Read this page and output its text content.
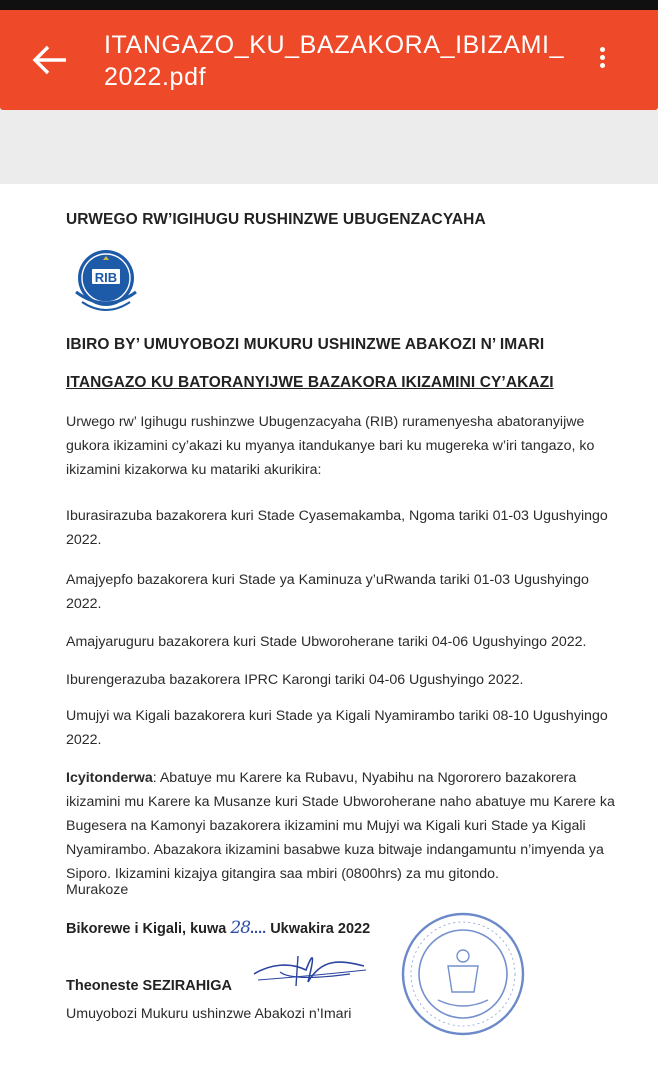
ITANGAZO_KU_BAZAKORA_IBIZAMI_2022.pdf
URWEGO RW’IGIHUGU RUSHINZWE UBUGENZACYAHA
RIB
IBIRO BY’ UMUYOBOZI MUKURU USHINZWE ABAKOZI N’ IMARI
ITANGAZO KU BATORANYIJWE BAZAKORA IKIZAMINI CY’AKAZI
Urwego rw’ Igihugu rushinzwe Ubugenzacyaha (RIB) ruramenyesha abatoranyijwe gukora ikizamini cy’akazi ku myanya itandukanye bari ku mugereka w’iri tangazo, ko ikizamini kizakorwa ku matariki akurikira:
Iburasirazuba bazakorera kuri Stade Cyasemakamba, Ngoma tariki 01-03 Ugushyingo 2022.
Amajyepfo bazakorera kuri Stade ya Kaminuza y’uRwanda tariki 01-03 Ugushyingo 2022.
Amajyaruguru bazakorera kuri Stade Ubworoherane tariki 04-06 Ugushyingo 2022.
Iburengerazuba bazakorera IPRC Karongi tariki 04-06 Ugushyingo 2022.
Umujyi wa Kigali bazakorera kuri Stade ya Kigali Nyamirambo tariki 08-10 Ugushyingo 2022.
Icyitonderwa: Abatuye mu Karere ka Rubavu, Nyabihu na Ngororero bazakorera ikizamini mu Karere ka Musanze kuri Stade Ubworoherane naho abatuye mu Karere ka Bugesera na Kamonyi bazakorera ikizamini mu Mujyi wa Kigali kuri Stade ya Kigali Nyamirambo. Abazakora ikizamini basabwe kuza bitwaje indangamuntu n’imyenda ya Siporo. Ikizamini kizajya gitangira saa mbiri (0800hrs) za mu gitondo.
Murakoze
Bikorewe i Kigali, kuwa 28.... Ukwakira 2022
Theoneste SEZIRAHIGA
Umuyobozi Mukuru ushinzwe Abakozi n’Imari
